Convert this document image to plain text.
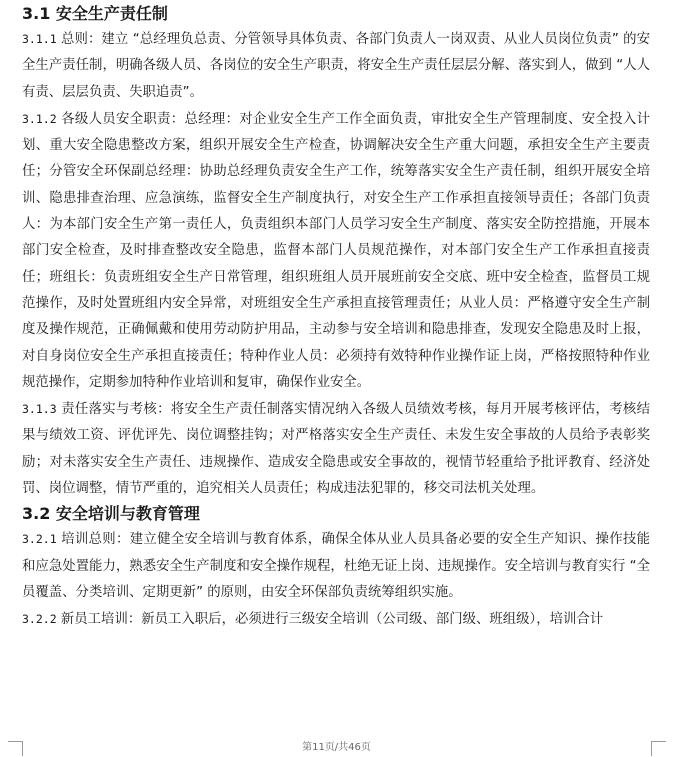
3.1 安全生产责任制

3.1.1 总则：建立 “总经理负总责、分管领导具体负责、各部门负责人一岗双责、从业人员岗位负责” 的安全生产责任制，明确各级人员、各岗位的安全生产职责，将安全生产责任层层分解、落实到人，做到 “人人有责、层层负责、失职追责”。

3.1.2 各级人员安全职责：总经理：对企业安全生产工作全面负责，审批安全生产管理制度、安全投入计划、重大安全隐患整改方案，组织开展安全生产检查，协调解决安全生产重大问题，承担安全生产主要责任；分管安全环保副总经理：协助总经理负责安全生产工作，统筹落实安全生产责任制，组织开展安全培训、隐患排查治理、应急演练，监督安全生产制度执行，对安全生产工作承担直接领导责任；各部门负责人：为本部门安全生产第一责任人，负责组织本部门人员学习安全生产制度、落实安全防控措施，开展本部门安全检查，及时排查整改安全隐患，监督本部门人员规范操作，对本部门安全生产工作承担直接责任；班组长：负责班组安全生产日常管理，组织班组人员开展班前安全交底、班中安全检查，监督员工规范操作，及时处置班组内安全异常，对班组安全生产承担直接管理责任；从业人员：严格遵守安全生产制度及操作规范，正确佩戴和使用劳动防护用品，主动参与安全培训和隐患排查，发现安全隐患及时上报，对自身岗位安全生产承担直接责任；特种作业人员：必须持有效特种作业操作证上岗，严格按照特种作业规范操作，定期参加特种作业培训和复审，确保作业安全。

3.1.3 责任落实与考核：将安全生产责任制落实情况纳入各级人员绩效考核，每月开展考核评估，考核结果与绩效工资、评优评先、岗位调整挂钩；对严格落实安全生产责任、未发生安全事故的人员给予表彰奖励；对未落实安全生产责任、违规操作、造成安全隐患或安全事故的，视情节轻重给予批评教育、经济处罚、岗位调整，情节严重的，追究相关人员责任；构成违法犯罪的，移交司法机关处理。

3.2 安全培训与教育管理

3.2.1 培训总则：建立健全安全培训与教育体系，确保全体从业人员具备必要的安全生产知识、操作技能和应急处置能力，熟悉安全生产制度和安全操作规程，杜绝无证上岗、违规操作。安全培训与教育实行 “全员覆盖、分类培训、定期更新” 的原则，由安全环保部负责统筹组织实施。

3.2.2 新员工培训：新员工入职后，必须进行三级安全培训（公司级、部门级、班组级），培训合计

第11页/共46页
